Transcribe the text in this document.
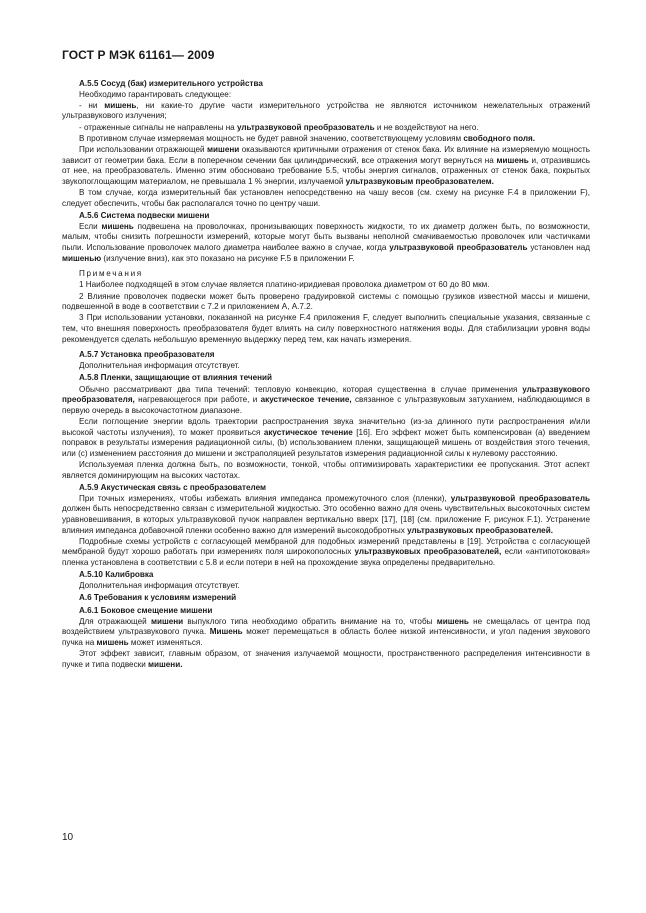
ГОСТ Р МЭК 61161— 2009

А.5.5 Сосуд (бак) измерительного устройства

Необходимо гарантировать следующее:

- ни мишень, ни какие-то другие части измерительного устройства не являются источником нежелательных отражений ультразвукового излучения;

- отраженные сигналы не направлены на ультразвуковой преобразователь и не воздействуют на него.

В противном случае измеряемая мощность не будет равной значению, соответствующему условиям свободного поля.

При использовании отражающей мишени оказываются критичными отражения от стенок бака. Их влияние на измеряемую мощность зависит от геометрии бака. Если в поперечном сечении бак цилиндрический, все отражения могут вернуться на мишень и, отразившись от нее, на преобразователь. Именно этим обосновано требование 5.5, чтобы энергия сигналов, отраженных от стенок бака, покрытых звукопоглощающим материалом, не превышала 1 % энергии, излучаемой ультразвуковым преобразователем.

В том случае, когда измерительный бак установлен непосредственно на чашу весов (см. схему на рисунке F.4 в приложении F), следует обеспечить, чтобы бак располагался точно по центру чаши.

А.5.6 Система подвески мишени

Если мишень подвешена на проволочках, пронизывающих поверхность жидкости, то их диаметр должен быть, по возможности, малым, чтобы снизить погрешности измерений, которые могут быть вызваны неполной смачиваемостью проволочек или частичками пыли. Использование проволочек малого диаметра наиболее важно в случае, когда ультразвуковой преобразователь установлен над мишенью (излучение вниз), как это показано на рисунке F.5 в приложении F.

Примечания

1 Наиболее подходящей в этом случае является платино-иридиевая проволока диаметром от 60 до 80 мкм.

2 Влияние проволочек подвески может быть проверено градуировкой системы с помощью грузиков известной массы и мишени, подвешенной в воде в соответствии с 7.2 и приложением А, А.7.2.

3 При использовании установки, показанной на рисунке F.4 приложения F, следует выполнить специальные указания, связанные с тем, что внешняя поверхность преобразователя будет влиять на силу поверхностного натяжения воды. Для стабилизации уровня воды рекомендуется сделать небольшую временную выдержку перед тем, как начать измерения.

А.5.7 Установка преобразователя

Дополнительная информация отсутствует.

А.5.8 Пленки, защищающие от влияния течений

Обычно рассматривают два типа течений: тепловую конвекцию, которая существенна в случае применения ультразвукового преобразователя, нагревающегося при работе, и акустическое течение, связанное с ультразвуковым затуханием, наблюдающимся в первую очередь в высокочастотном диапазоне.

Если поглощение энергии вдоль траектории распространения звука значительно (из-за длинного пути распространения и/или высокой частоты излучения), то может проявиться акустическое течение [16]. Его эффект может быть компенсирован (а) введением поправок в результаты измерения радиационной силы, (b) использованием пленки, защищающей мишень от воздействия этого течения, или (c) изменением расстояния до мишени и экстраполяцией результатов измерения радиационной силы к нулевому расстоянию.

Используемая пленка должна быть, по возможности, тонкой, чтобы оптимизировать характеристики ее пропускания. Этот аспект является доминирующим на высоких частотах.

А.5.9 Акустическая связь с преобразователем

При точных измерениях, чтобы избежать влияния импеданса промежуточного слоя (пленки), ультразвуковой преобразователь должен быть непосредственно связан с измерительной жидкостью. Это особенно важно для очень чувствительных высокоточных систем уравновешивания, в которых ультразвуковой пучок направлен вертикально вверх [17], [18] (см. приложение F, рисунок F.1). Устранение влияния импеданса добавочной пленки особенно важно для измерений высокодобротных ультразвуковых преобразователей.

Подробные схемы устройств с согласующей мембраной для подобных измерений представлены в [19]. Устройства с согласующей мембраной будут хорошо работать при измерениях поля широкополосных ультразвуковых преобразователей, если «антипотоковая» пленка установлена в соответствии с 5.8 и если потери в ней на прохождение звука определены предварительно.

А.5.10 Калибровка

Дополнительная информация отсутствует.

А.6 Требования к условиям измерений

А.6.1 Боковое смещение мишени

Для отражающей мишени выпуклого типа необходимо обратить внимание на то, чтобы мишень не смещалась от центра под воздействием ультразвукового пучка. Мишень может перемещаться в область более низкой интенсивности, и угол падения звукового пучка на мишень может изменяться.

Этот эффект зависит, главным образом, от значения излучаемой мощности, пространственного распределения интенсивности в пучке и типа подвески мишени.

10
